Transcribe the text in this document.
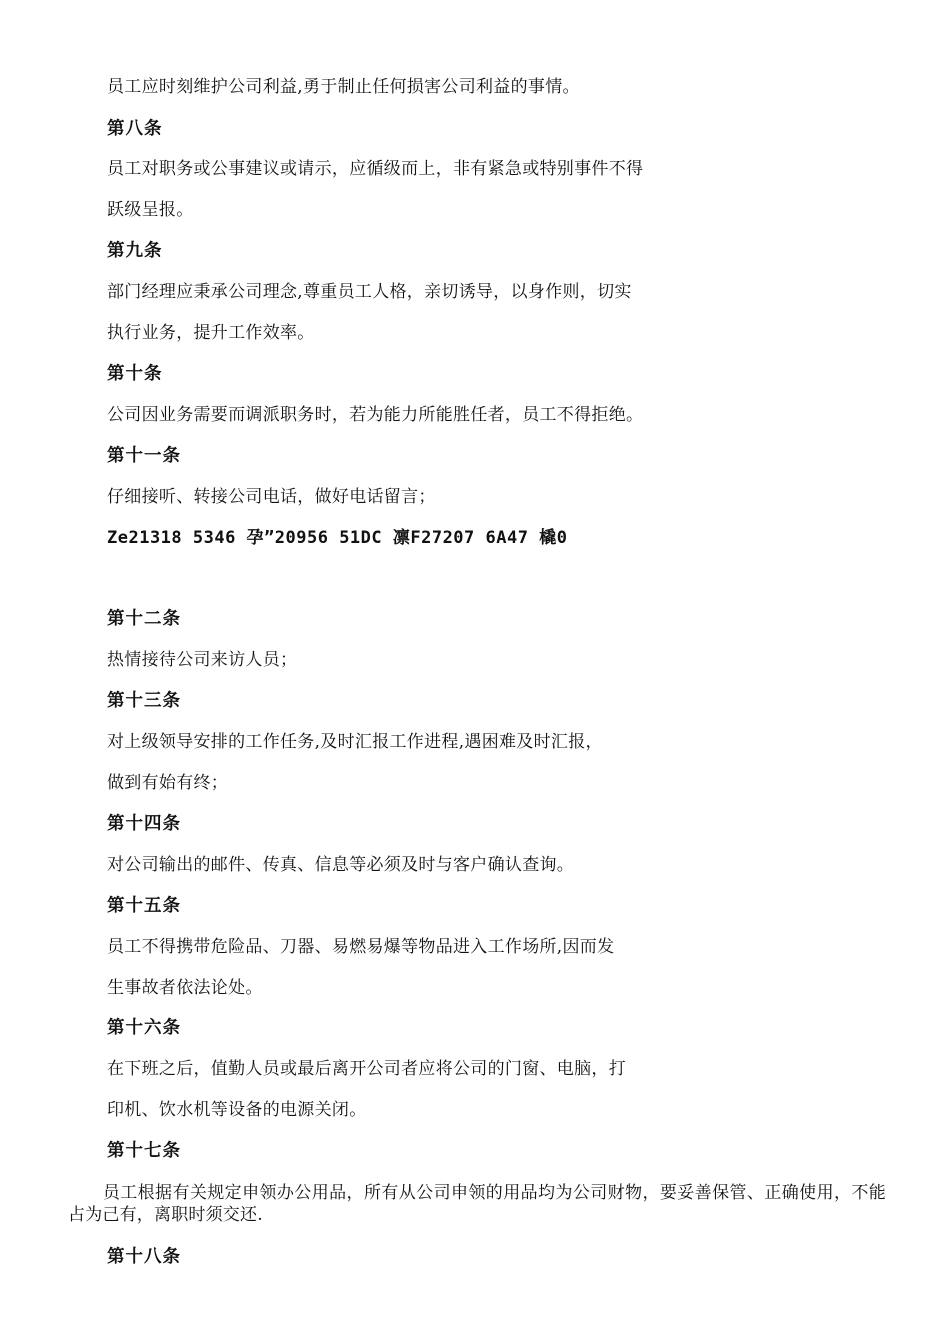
员工应时刻维护公司利益,勇于制止任何损害公司利益的事情。
第八条
员工对职务或公事建议或请示，应循级而上，非有紧急或特别事件不得
跃级呈报。
第九条
部门经理应秉承公司理念,尊重员工人格，亲切诱导，以身作则，切实
执行业务，提升工作效率。
第十条
公司因业务需要而调派职务时，若为能力所能胜任者，员工不得拒绝。
第十一条
仔细接听、转接公司电话，做好电话留言；
Ze21318 5346 孕”20956 51DC 凛F27207 6A47 橇0
第十二条
热情接待公司来访人员；
第十三条
对上级领导安排的工作任务,及时汇报工作进程,遇困难及时汇报，
做到有始有终；
第十四条
对公司输出的邮件、传真、信息等必须及时与客户确认查询。
第十五条
员工不得携带危险品、刀器、易燃易爆等物品进入工作场所,因而发
生事故者依法论处。
第十六条
在下班之后，值勤人员或最后离开公司者应将公司的门窗、电脑，打
印机、饮水机等设备的电源关闭。
第十七条
　　员工根据有关规定申领办公用品，所有从公司申领的用品均为公司财物，要妥善保管、正确使用，不能占为己有，离职时须交还.
第十八条
